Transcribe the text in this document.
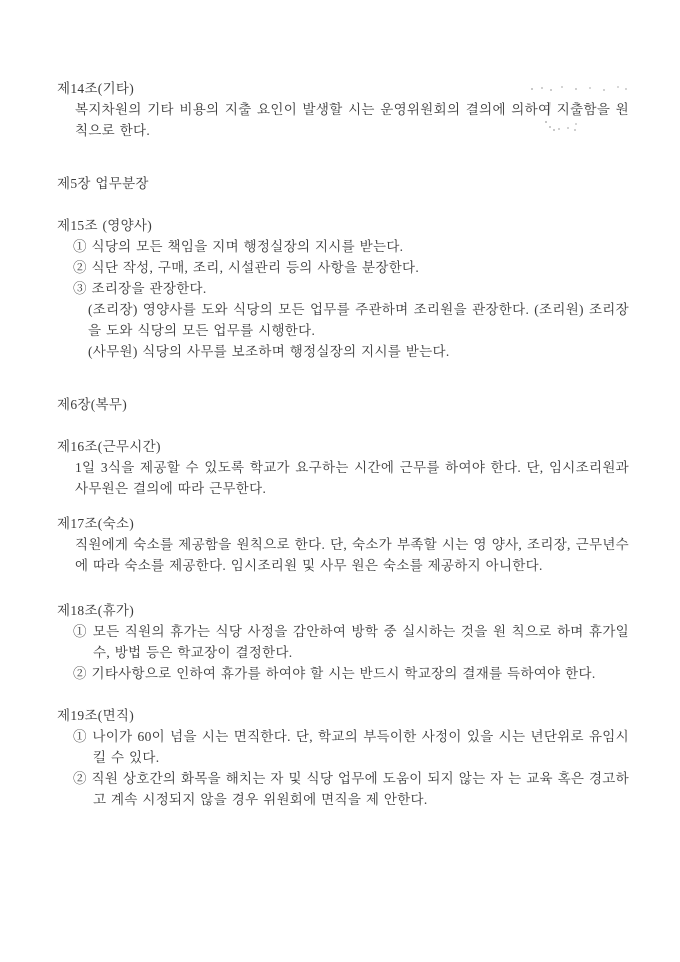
제14조(기타)

복지차원의 기타 비용의 지출 요인이 발생할 시는 운영위원회의 결의에 의하여 지출함을 원칙으로 한다.

제5장 업무분장
제15조 (영양사)

① 식당의 모든 책임을 지며 행정실장의 지시를 받는다.

② 식단 작성, 구매, 조리, 시설관리 등의 사항을 분장한다.

③ 조리장을 관장한다.

(조리장) 영양사를 도와 식당의 모든 업무를 주관하며 조리원을 관장한다. (조리원) 조리장을 도와 식당의 모든 업무를 시행한다.

(사무원) 식당의 사무를 보조하며 행정실장의 지시를 받는다.

제6장(복무)
제16조(근무시간)

1일 3식을 제공할 수 있도록 학교가 요구하는 시간에 근무를 하여야 한다. 단, 임시조리원과 사무원은 결의에 따라 근무한다.

제17조(숙소)

직원에게 숙소를 제공함을 원칙으로 한다. 단, 숙소가 부족할 시는 영 양사, 조리장, 근무년수에 따라 숙소를 제공한다. 임시조리원 및 사무 원은 숙소를 제공하지 아니한다.

제18조(휴가)

① 모든 직원의 휴가는 식당 사정을 감안하여 방학 중 실시하는 것을 원 칙으로 하며 휴가일수, 방법 등은 학교장이 결정한다.

② 기타사항으로 인하여 휴가를 하여야 할 시는 반드시 학교장의 결재를 득하여야 한다.

제19조(면직)

① 나이가 60이 넘을 시는 면직한다. 단, 학교의 부득이한 사정이 있을 시는 년단위로 유임시킬 수 있다.

② 직원 상호간의 화목을 해치는 자 및 식당 업무에 도움이 되지 않는 자 는 교육 혹은 경고하고 계속 시정되지 않을 경우 위원회에 면직을 제 안한다.
